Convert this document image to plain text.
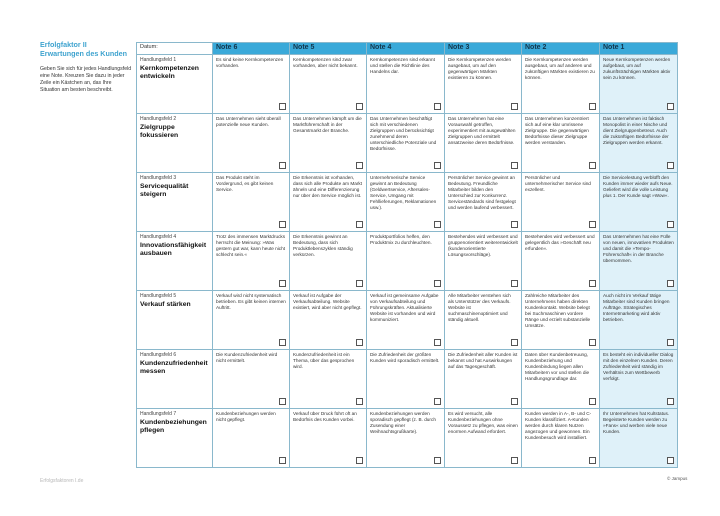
Erfolgfaktor II Erwartungen des Kunden

Geben Sie sich für jedes Handlungsfeld eine Note. Kreuzen Sie dazu in jeder Zeile ein Kästchen an, das Ihre Situation am besten beschreibt.

Datum:	Note 6	Note 5	Note 4	Note 3	Note 2	Note 1

Handlungsfeld 1
Kernkompetenzen entwickeln	Es sind keine Kernkompetenzen vorhanden.	Kernkompetenzen sind zwar vorhanden, aber nicht bekannt.	Kernkompetenzen sind erkannt und stellen die Richtlinie des Handelns dar.	Die Kernkompetenzen werden ausgebaut, um auf den gegenwärtigen Märkten existieren zu können.	Die Kernkompetenzen werden ausgebaut, um auf anderen und zukünftigen Märkten existieren zu können.	Neue Kernkompetenzen werden aufgebaut, um auf zukunftsträchtigen Märkten aktiv sein zu können.

Handlungsfeld 2
Zielgruppe fokussieren	Das Unternehmen sieht überall potenzielle neue Kunden.	Das Unternehmen kämpft um die Marktführerschaft in der Gesamtmarkt der Branche.	Das Unternehmen beschäftigt sich mit verschiedenen Zielgruppen und berücksichtigt zunehmend deren unterschiedliche Potenziale und Bedürfnisse.	Das Unternehmen hat eine Vorauswahl getroffen, experimentiert mit ausgewählten Zielgruppen und ermittelt ansatzweise deren Bedürfnisse.	Das Unternehmen konzentriert sich auf eine klar umrissene Zielgruppe. Die gegenwärtigen Bedürfnisse dieser Zielgruppe werden verstanden.	Das Unternehmen ist faktisch Monopolist in einer Nische und dient Zielgruppenbetreut. Auch die zukünftigen Bedürfnisse der Zielgruppen werden erkannt.

Handlungsfeld 3
Servicequalität steigern	Das Produkt steht im Vordergrund, es gibt keinen Service.	Die Erkenntnis ist vorhanden, dass sich alle Produkte am Markt ähneln und eine Differenzierung nur über den Service möglich ist.	Unternehmerische Service gewinnt an Bedeutung (Geldwertservice, Aftersales-Service, Umgang mit Fehllieferungen, Reklamationen usw.).	Persönlicher Service gewinnt an Bedeutung. Freundliche Mitarbeiter bilden den Unterschied zur Konkurrenz. Serviceständards sind festgelegt und werden laufend verbessert.	Persönlicher und unternehmerischer Service sind exzellent.	Die Servicelestung verblüfft den Kunden immer wieder aufs Neue. Geliefert wird die volle Leistung plus 1. Der Kunde sagt »Wow«.

Handlungsfeld 4
Innovationsfähigkeit ausbauen	Trotz des immensen Marktdrucks herrscht die Meinung: »Was gestern gut war, kann heute nicht schlecht sein.«	Die Erkenntnis gewinnt an Bedeutung, dass sich Produktlebenszyklen ständig verkürzen.	Produktportfolios helfen, den Produktmix zu durchleuchten.	Bestehendes wird verbessert und gruppenorientiert weiterentwickelt (kundenorientierte Lösungsvorschläge).	Bestehendes wird verbessert und gelegentlich das »Geschäft neu erfunden«.	Das Unternehmen hat eine Fülle von neuen, innovativen Produkten und damit die »Tempo-Führerschaft« in der Branche übernommen.

Handlungsfeld 5
Verkauf stärken	Verkauf wird nicht systematisch betrieben. Es gibt keinen internen Auftritt.	Verkauf ist Aufgabe der Verkaufsabteilung. Website existiert, wird aber nicht gepflegt.	Verkauf ist gemeinsame Aufgabe von Verkaufsabteilung und Führungskräften. Aktualisierte Website ist vorhanden und wird kommuniziert.	Alle Mitarbeiter verstehen sich als Unterstützer des Verkaufs. Website ist suchmaschinenoptimiert und ständig aktuell.	Zahlreiche Mitarbeiter des Unternehmens haben direkten Kundenkontakt. Website belegt bei Suchmaschinen vordere Ränge und erzielt substanzielle Umsätze.	Auch nicht im Verkauf tätige Mitarbeiter sind Kunden bringen Aufträge. Strategisches Internetmarketing wird aktiv betrieben.

Handlungsfeld 6
Kundenzufriedenheit messen	Die Kundenzufriedenheit wird nicht ermittelt.	Kundenzufriedenheit ist ein Thema, über das gesprochen wird.	Die Zufriedenheit der größten Kunden wird sporadisch ermittelt.	Die Zufriedenheit aller Kunden ist bekannt und hat Auswirkungen auf das Tagesgeschäft.	Daten über Kundenbetreuung, Kundenbeziehung und Kundenbindung liegen allen Mitarbeitern vor und stellen die Handlungsgrundlage dar.	Es besteht ein individueller Dialog mit den einzelnen Kunden. Deren Zufriedenheit wird ständig im Verhältnis zum Wettbewerb verfolgt.

Handlungsfeld 7
Kundenbeziehungen pflegen	Kundenbeziehungen werden nicht gepflegt.	Verkauf über Druck führt oft an Bedürfnis des Kunden vorbei.	Kundenbeziehungen werden sporadisch gepflegt (z. B. durch Zusendung einer Weihnachtsgrußkarte).	Es wird versucht, alle Kundenbeziehungen ohne Voraussetz zu pflegen, was einen enormen Aufwand erfordert.	Kunden werden in A-, B- und C-Kunden klassifiziert. A-Kunden werden durch klaren Nutzen angezogen und gewonnen. Ein Kundenbesuch wird installiert.	Ihr Unternehmen hat Kultstatus. Begeisterte Kunden werden zu »Fans« und werben viele neue Kunden.
Erfolgsfaktoren I.de	© Jampus
